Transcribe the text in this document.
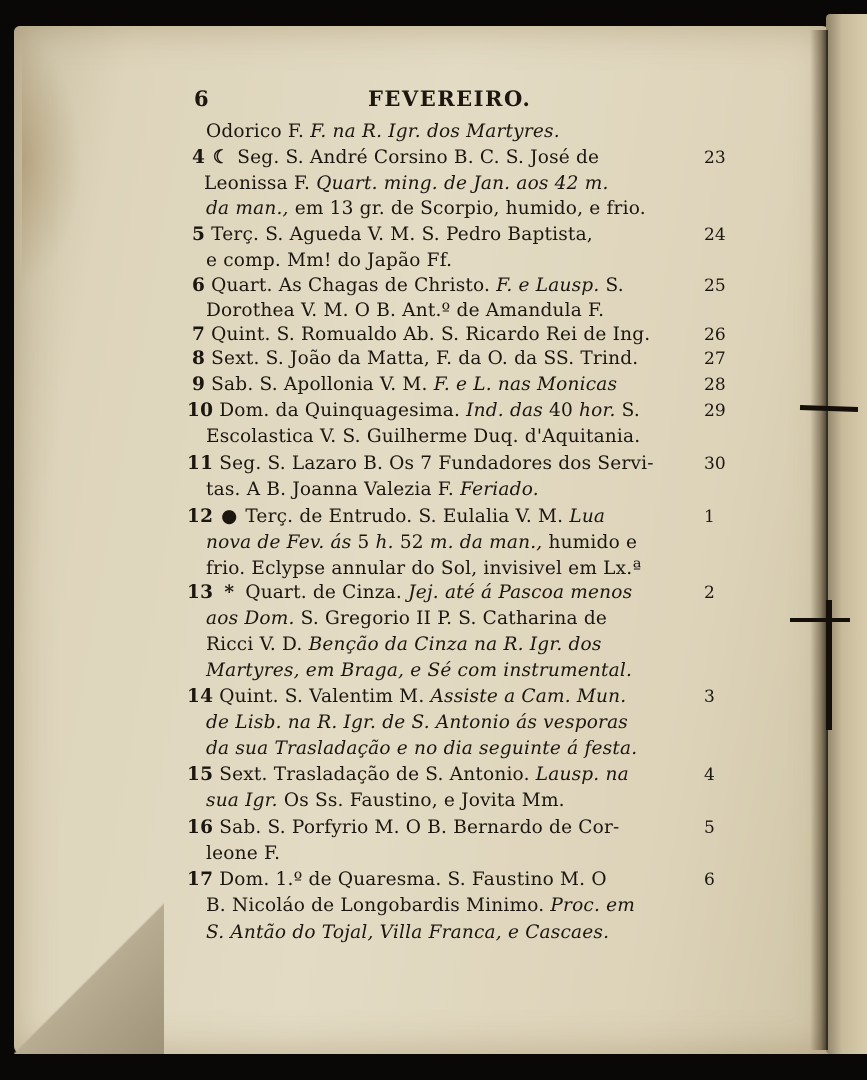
6	FEVEREIRO.
Odorico F. F. na R. Igr. dos Martyres.
4 ☾ Seg. S. André Corsino B. C. S. José de	23
Leonissa F. Quart. ming. de Jan. aos 42 m.
da man., em 13 gr. de Scorpio, humido, e frio.
5 Terç. S. Agueda V. M. S. Pedro Baptista,	24
e comp. Mm! do Japão Ff.
6 Quart. As Chagas de Christo. F. e Lausp. S.	25
Dorothea V. M. O B. Ant.º de Amandula F.
7 Quint. S. Romualdo Ab. S. Ricardo Rei de Ing.	26
8 Sext. S. João da Matta, F. da O. da SS. Trind.	27
9 Sab. S. Apollonia V. M. F. e L. nas Monicas	28
10 Dom. da Quinquagesima. Ind. das 40 hor. S.	29
Escolastica V. S. Guilherme Duq. d'Aquitania.
11 Seg. S. Lazaro B. Os 7 Fundadores dos Servi-	30
tas. A B. Joanna Valezia F. Feriado.
12 ● Terç. de Entrudo. S. Eulalia V. M. Lua	1
nova de Fev. ás 5 h. 52 m. da man., humido e
frio. Eclypse annular do Sol, invisivel em Lx.ª
13 * Quart. de Cinza. Jej. até á Pascoa menos	2
aos Dom. S. Gregorio II P. S. Catharina de
Ricci V. D. Benção da Cinza na R. Igr. dos
Martyres, em Braga, e Sé com instrumental.
14 Quint. S. Valentim M. Assiste a Cam. Mun.	3
de Lisb. na R. Igr. de S. Antonio ás vesporas
da sua Trasladação e no dia seguinte á festa.
15 Sext. Trasladação de S. Antonio. Lausp. na	4
sua Igr. Os Ss. Faustino, e Jovita Mm.
16 Sab. S. Porfyrio M. O B. Bernardo de Cor-	5
leone F.
17 Dom. 1.º de Quaresma. S. Faustino M. O	6
B. Nicoláo de Longobardis Minimo. Proc. em
S. Antão do Tojal, Villa Franca, e Cascaes.
